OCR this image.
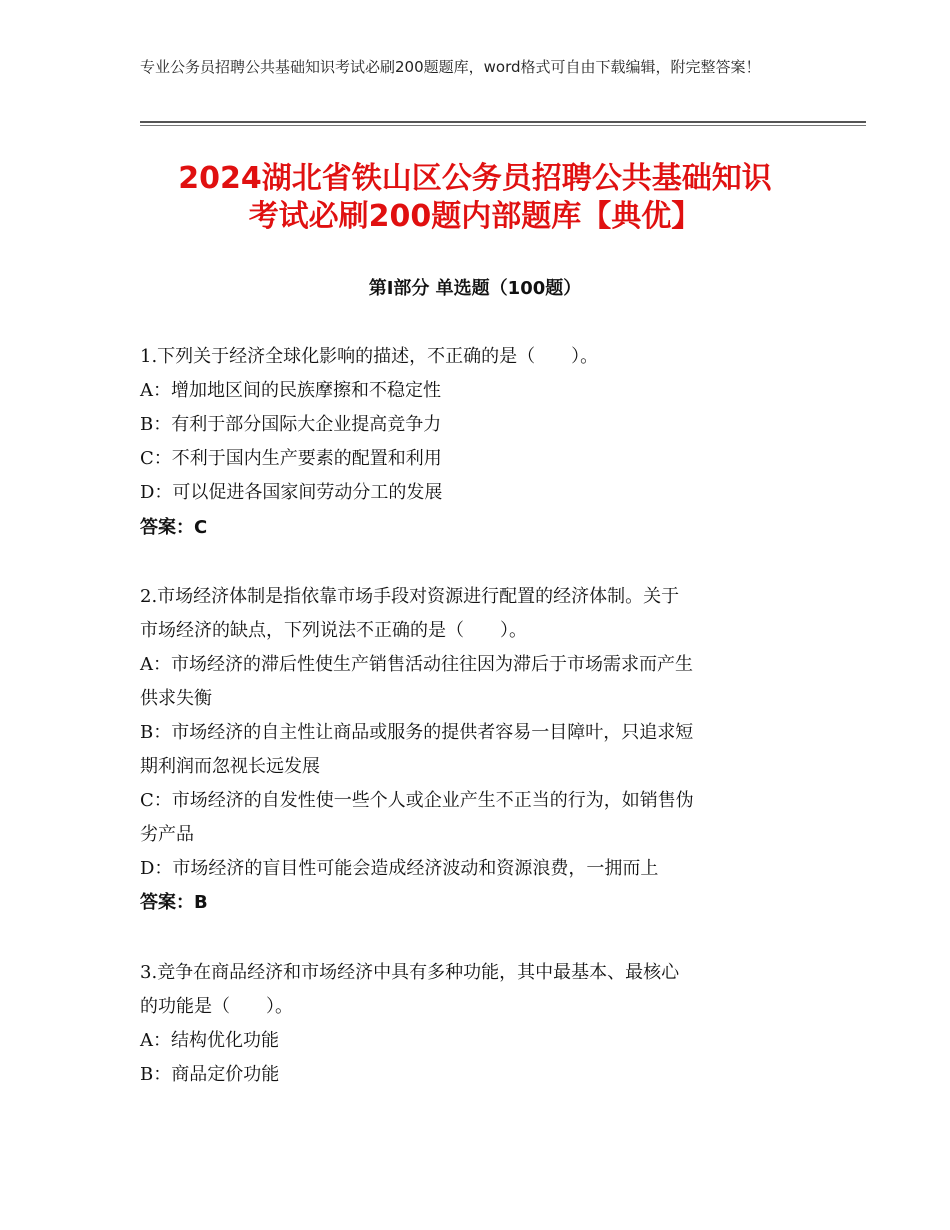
专业公务员招聘公共基础知识考试必刷200题题库，word格式可自由下载编辑，附完整答案！

2024湖北省铁山区公务员招聘公共基础知识
考试必刷200题内部题库【典优】
第Ⅰ部分 单选题（100题）

1.下列关于经济全球化影响的描述，不正确的是（　　）。

A：增加地区间的民族摩擦和不稳定性

B：有利于部分国际大企业提高竞争力

C：不利于国内生产要素的配置和利用

D：可以促进各国家间劳动分工的发展

答案：C

2.市场经济体制是指依靠市场手段对资源进行配置的经济体制。关于
市场经济的缺点，下列说法不正确的是（　　）。

A：市场经济的滞后性使生产销售活动往往因为滞后于市场需求而产生
供求失衡

B：市场经济的自主性让商品或服务的提供者容易一目障叶，只追求短
期利润而忽视长远发展

C：市场经济的自发性使一些个人或企业产生不正当的行为，如销售伪
劣产品

D：市场经济的盲目性可能会造成经济波动和资源浪费，一拥而上

答案：B

3.竞争在商品经济和市场经济中具有多种功能，其中最基本、最核心
的功能是（　　）。

A：结构优化功能

B：商品定价功能
